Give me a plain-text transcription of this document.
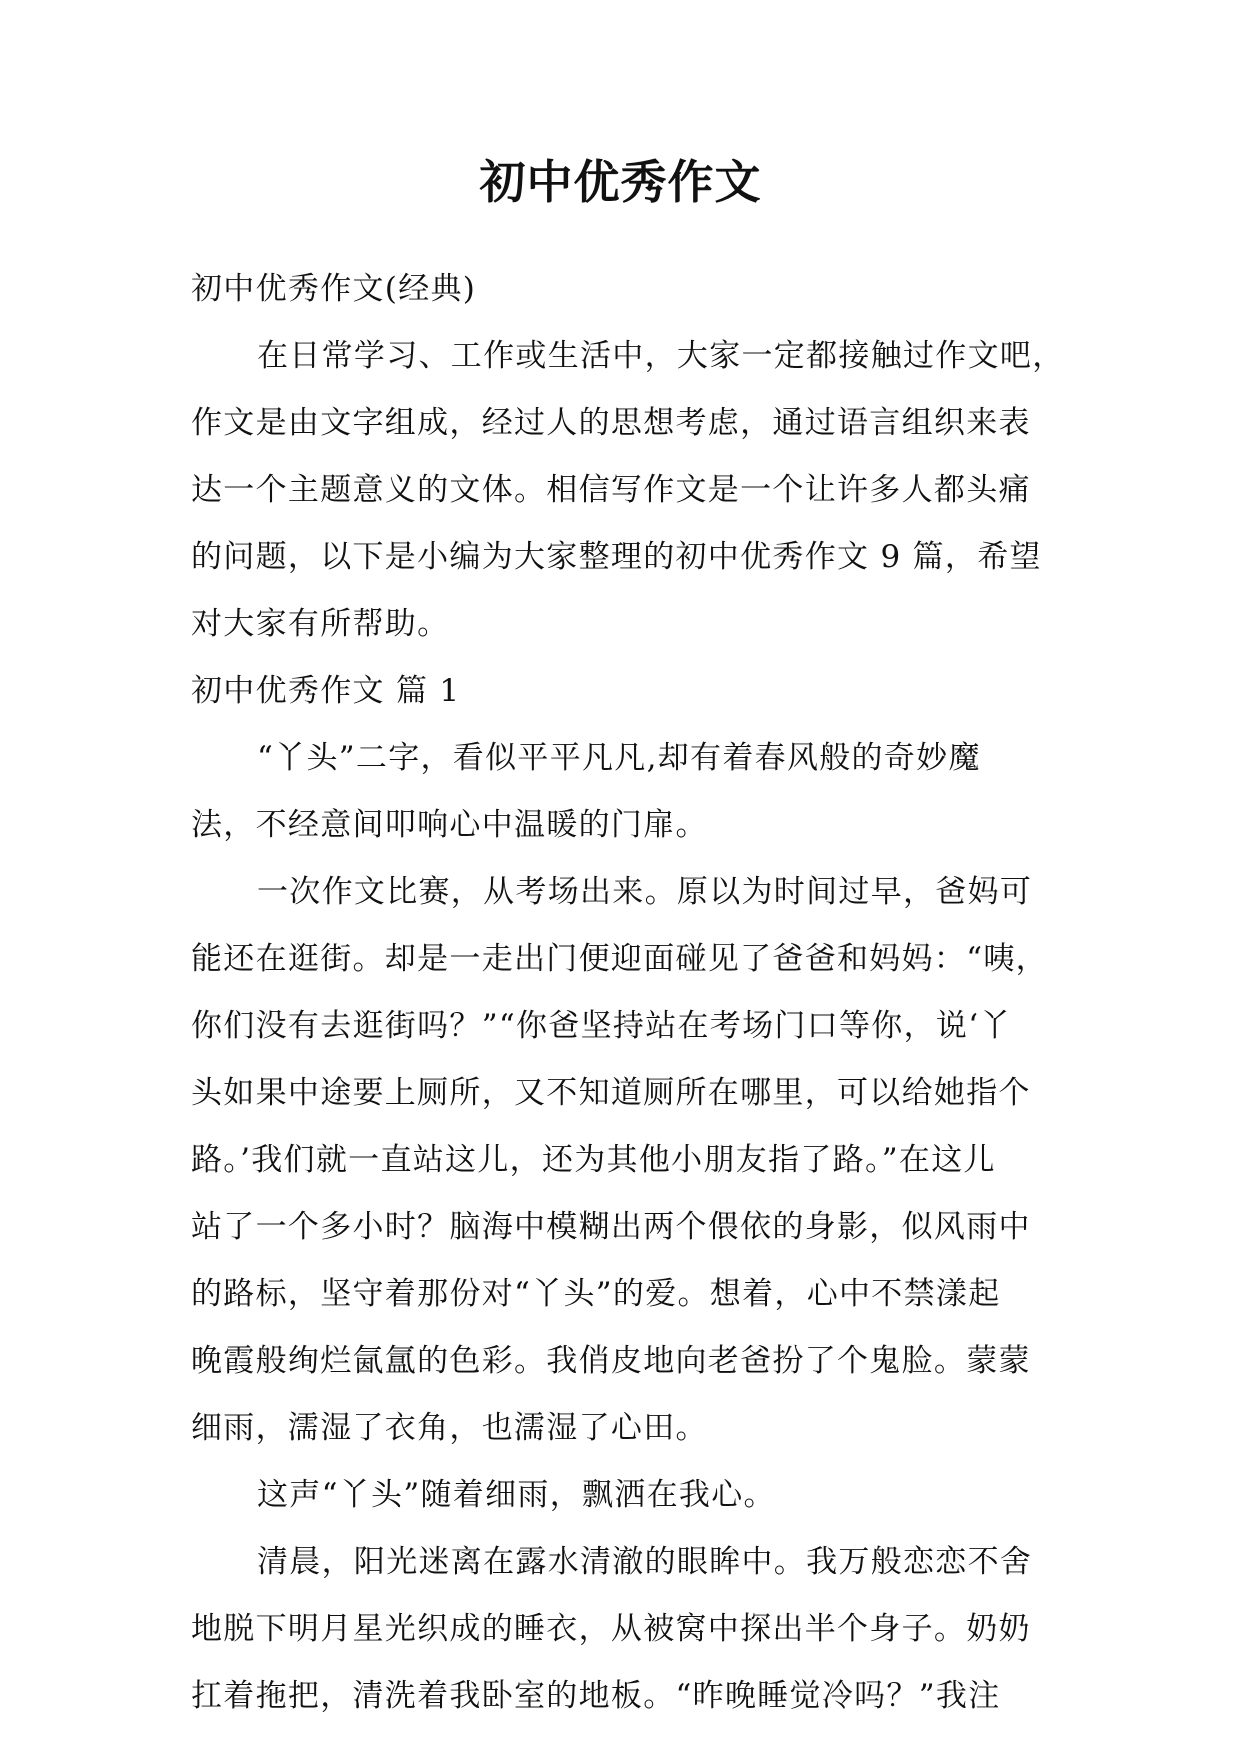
初中优秀作文
初中优秀作文(经典)
在日常学习、工作或生活中，大家一定都接触过作文吧，
作文是由文字组成，经过人的思想考虑，通过语言组织来表
达一个主题意义的文体。相信写作文是一个让许多人都头痛
的问题，以下是小编为大家整理的初中优秀作文 9 篇，希望
对大家有所帮助。
初中优秀作文 篇 1
“丫头”二字，看似平平凡凡,却有着春风般的奇妙魔
法，不经意间叩响心中温暖的门扉。
一次作文比赛，从考场出来。原以为时间过早，爸妈可
能还在逛街。却是一走出门便迎面碰见了爸爸和妈妈：“咦，
你们没有去逛街吗？”“你爸坚持站在考场门口等你，说‘丫
头如果中途要上厕所，又不知道厕所在哪里，可以给她指个
路。’我们就一直站这儿，还为其他小朋友指了路。”在这儿
站了一个多小时？脑海中模糊出两个偎依的身影，似风雨中
的路标，坚守着那份对“丫头”的爱。想着，心中不禁漾起
晚霞般绚烂氤氲的色彩。我俏皮地向老爸扮了个鬼脸。蒙蒙
细雨，濡湿了衣角，也濡湿了心田。
这声“丫头”随着细雨，飘洒在我心。
清晨，阳光迷离在露水清澈的眼眸中。我万般恋恋不舍
地脱下明月星光织成的睡衣，从被窝中探出半个身子。奶奶
扛着拖把，清洗着我卧室的地板。“昨晚睡觉冷吗？”我注
